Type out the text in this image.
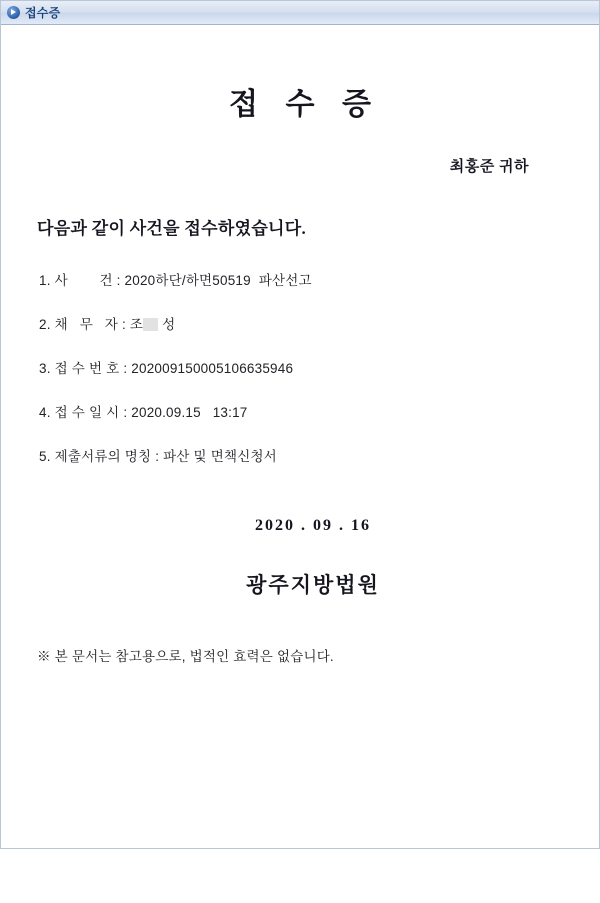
접수증
접 수 증
최홍준 귀하
다음과 같이 사건을 접수하였습니다.
1. 사        건 : 2020하단/하면50519  파산선고
2. 채   무   자 : 조 성
3. 접 수 번 호 : 202009150005106635946
4. 접 수 일 시 : 2020.09.15   13:17
5. 제출서류의 명칭 : 파산 및 면책신청서
2020 . 09 . 16
광주지방법원
※ 본 문서는 참고용으로, 법적인 효력은 없습니다.
